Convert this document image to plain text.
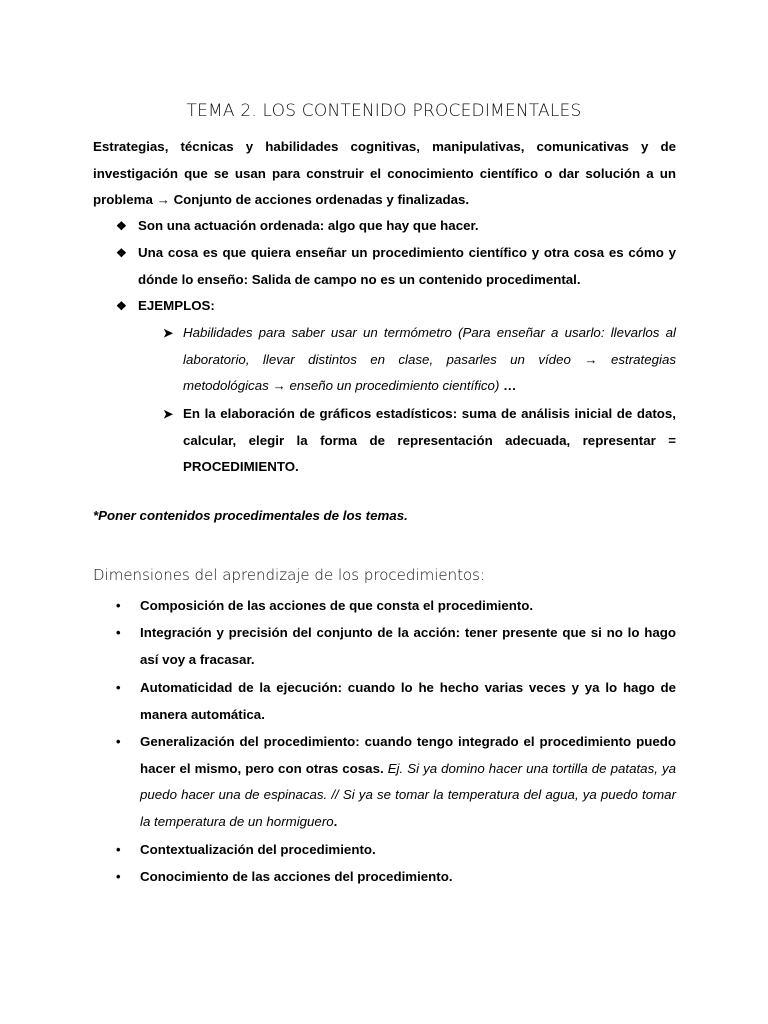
TEMA 2. LOS CONTENIDO PROCEDIMENTALES
Estrategias, técnicas y habilidades cognitivas, manipulativas, comunicativas y de investigación que se usan para construir el conocimiento científico o dar solución a un problema → Conjunto de acciones ordenadas y finalizadas.
❖ Son una actuación ordenada: algo que hay que hacer.
❖ Una cosa es que quiera enseñar un procedimiento científico y otra cosa es cómo y dónde lo enseño: Salida de campo no es un contenido procedimental.
❖ EJEMPLOS:
➤ Habilidades para saber usar un termómetro (Para enseñar a usarlo: llevarlos al laboratorio, llevar distintos en clase, pasarles un vídeo → estrategias metodológicas → enseño un procedimiento científico) …
➤ En la elaboración de gráficos estadísticos: suma de análisis inicial de datos, calcular, elegir la forma de representación adecuada, representar = PROCEDIMIENTO.
*Poner contenidos procedimentales de los temas.
Dimensiones del aprendizaje de los procedimientos:
• Composición de las acciones de que consta el procedimiento.
• Integración y precisión del conjunto de la acción: tener presente que si no lo hago así voy a fracasar.
• Automaticidad de la ejecución: cuando lo he hecho varias veces y ya lo hago de manera automática.
• Generalización del procedimiento: cuando tengo integrado el procedimiento puedo hacer el mismo, pero con otras cosas. Ej. Si ya domino hacer una tortilla de patatas, ya puedo hacer una de espinacas. // Si ya se tomar la temperatura del agua, ya puedo tomar la temperatura de un hormiguero.
• Contextualización del procedimiento.
• Conocimiento de las acciones del procedimiento.
